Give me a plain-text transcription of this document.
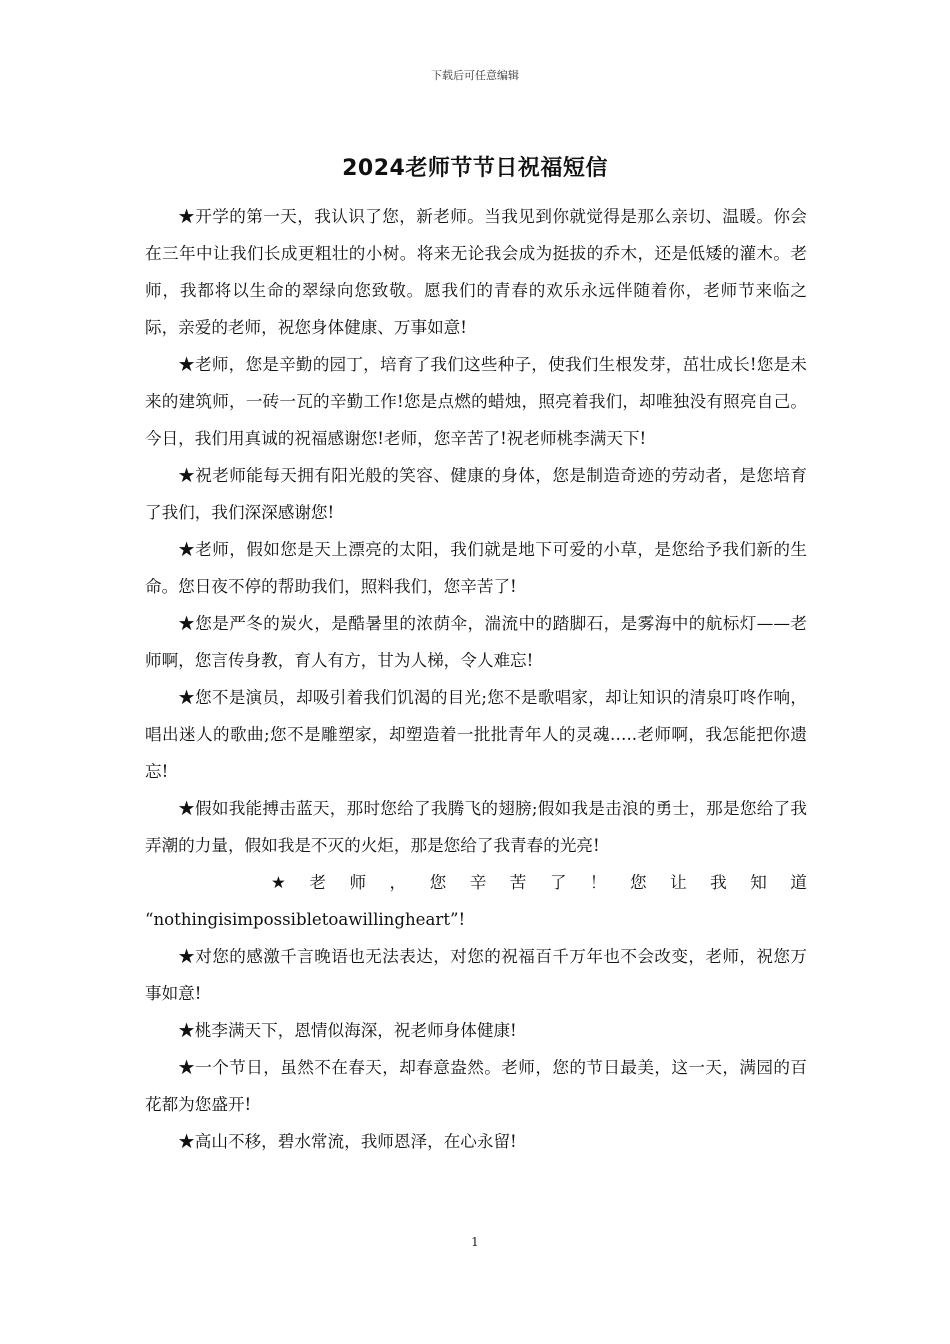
下载后可任意编辑
2024老师节节日祝福短信

★开学的第一天，我认识了您，新老师。当我见到你就觉得是那么亲切、温暖。你会在三年中让我们长成更粗壮的小树。将来无论我会成为挺拔的乔木，还是低矮的灌木。老师，我都将以生命的翠绿向您致敬。愿我们的青春的欢乐永远伴随着你，老师节来临之际，亲爱的老师，祝您身体健康、万事如意!

★老师，您是辛勤的园丁，培育了我们这些种子，使我们生根发芽，茁壮成长!您是未来的建筑师，一砖一瓦的辛勤工作!您是点燃的蜡烛，照亮着我们，却唯独没有照亮自己。今日，我们用真诚的祝福感谢您!老师，您辛苦了!祝老师桃李满天下!

★祝老师能每天拥有阳光般的笑容、健康的身体，您是制造奇迹的劳动者，是您培育了我们，我们深深感谢您!

★老师，假如您是天上漂亮的太阳，我们就是地下可爱的小草，是您给予我们新的生命。您日夜不停的帮助我们，照料我们，您辛苦了!

★您是严冬的炭火，是酷暑里的浓荫伞，湍流中的踏脚石，是雾海中的航标灯——老师啊，您言传身教，育人有方，甘为人梯，令人难忘!

★您不是演员，却吸引着我们饥渴的目光;您不是歌唱家，却让知识的清泉叮咚作响，唱出迷人的歌曲;您不是雕塑家，却塑造着一批批青年人的灵魂…..老师啊，我怎能把你遗忘!

★假如我能搏击蓝天，那时您给了我腾飞的翅膀;假如我是击浪的勇士，那是您给了我弄潮的力量，假如我是不灭的火炬，那是您给了我青春的光亮!

★ 老 师 ， 您 辛 苦 了 ！ 您 让 我 知 道
“nothingisimpossibletoawillingheart”!

★对您的感激千言晚语也无法表达，对您的祝福百千万年也不会改变，老师，祝您万事如意!

★桃李满天下，恩情似海深，祝老师身体健康!

★一个节日，虽然不在春天，却春意盎然。老师，您的节日最美，这一天，满园的百花都为您盛开!

★高山不移，碧水常流，我师恩泽，在心永留!

1
